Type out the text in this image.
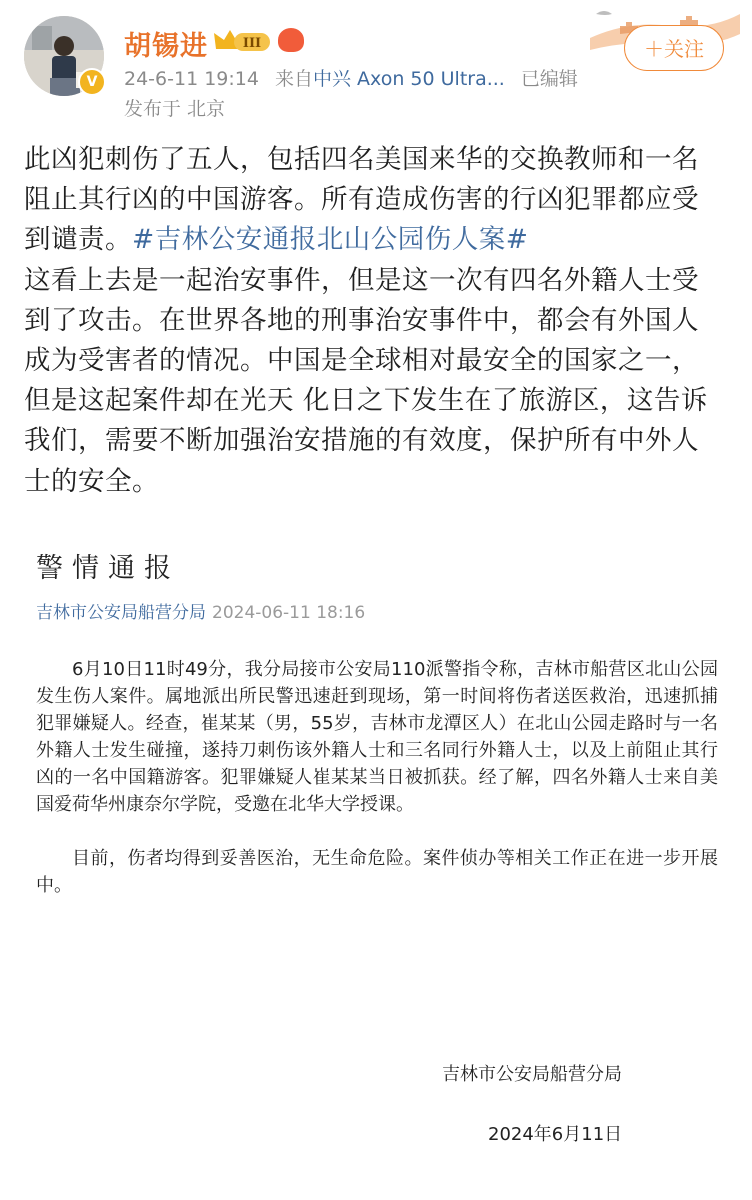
V
胡锡进	III
24-6-11 19:14 来自中兴 Axon 50 Ultra... 已编辑
发布于 北京
＋关注

此凶犯刺伤了五人，包括四名美国来华的交换教师和一名阻止其行凶的中国游客。所有造成伤害的行凶犯罪都应受到谴责。#吉林公安通报北山公园伤人案#

这看上去是一起治安事件，但是这一次有四名外籍人士受到了攻击。在世界各地的刑事治安事件中，都会有外国人成为受害者的情况。中国是全球相对最安全的国家之一，但是这起案件却在光天 化日之下发生在了旅游区，这告诉我们，需要不断加强治安措施的有效度，保护所有中外人士的安全。

警情通报
吉林市公安局船营分局 2024-06-11 18:16

6月10日11时49分，我分局接市公安局110派警指令称，吉林市船营区北山公园发生伤人案件。属地派出所民警迅速赶到现场，第一时间将伤者送医救治，迅速抓捕犯罪嫌疑人。经查，崔某某（男，55岁，吉林市龙潭区人）在北山公园走路时与一名外籍人士发生碰撞，遂持刀刺伤该外籍人士和三名同行外籍人士，以及上前阻止其行凶的一名中国籍游客。犯罪嫌疑人崔某某当日被抓获。经了解，四名外籍人士来自美国爱荷华州康奈尔学院，受邀在北华大学授课。

目前，伤者均得到妥善医治，无生命危险。案件侦办等相关工作正在进一步开展中。

吉林市公安局船营分局
2024年6月11日
